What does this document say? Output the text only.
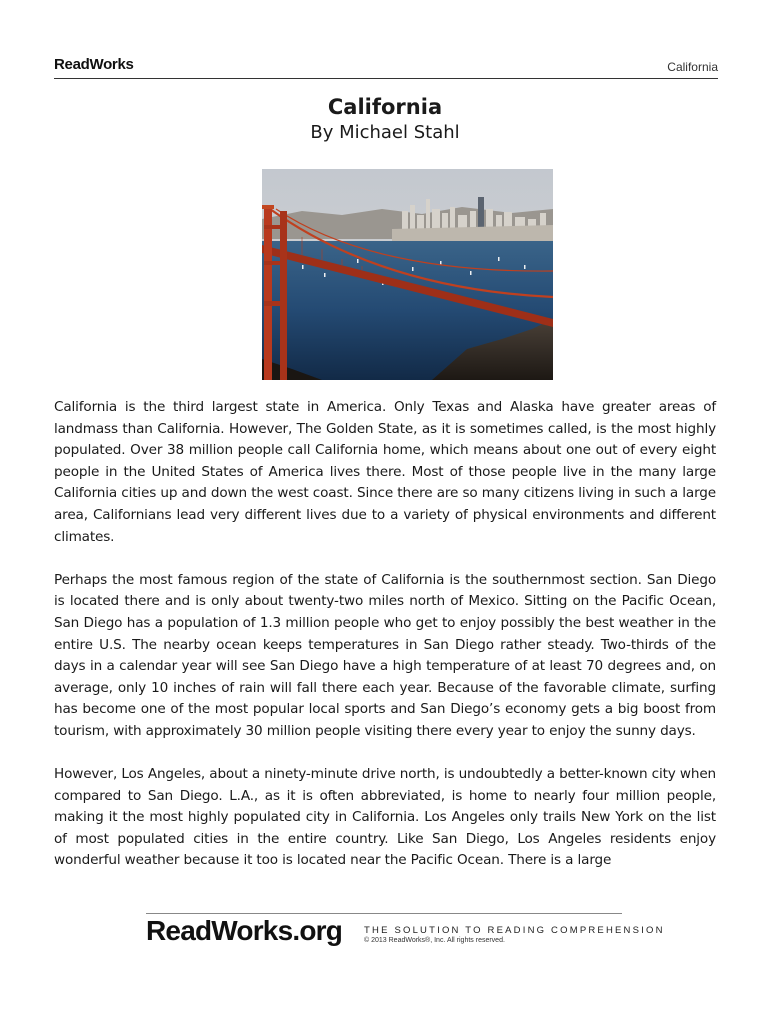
ReadWorks	California
California
By Michael Stahl

California is the third largest state in America. Only Texas and Alaska have greater areas of landmass than California. However, The Golden State, as it is sometimes called, is the most highly populated. Over 38 million people call California home, which means about one out of every eight people in the United States of America lives there. Most of those people live in the many large California cities up and down the west coast. Since there are so many citizens living in such a large area, Californians lead very different lives due to a variety of physical environments and different climates.

Perhaps the most famous region of the state of California is the southernmost section. San Diego is located there and is only about twenty-two miles north of Mexico. Sitting on the Pacific Ocean, San Diego has a population of 1.3 million people who get to enjoy possibly the best weather in the entire U.S. The nearby ocean keeps temperatures in San Diego rather steady. Two-thirds of the days in a calendar year will see San Diego have a high temperature of at least 70 degrees and, on average, only 10 inches of rain will fall there each year. Because of the favorable climate, surfing has become one of the most popular local sports and San Diego’s economy gets a big boost from tourism, with approximately 30 million people visiting there every year to enjoy the sunny days.

However, Los Angeles, about a ninety-minute drive north, is undoubtedly a better-known city when compared to San Diego. L.A., as it is often abbreviated, is home to nearly four million people, making it the most highly populated city in California. Los Angeles only trails New York on the list of most populated cities in the entire country. Like San Diego, Los Angeles residents enjoy wonderful weather because it too is located near the Pacific Ocean. There is a large

ReadWorks.org THE SOLUTION TO READING COMPREHENSION
© 2013 ReadWorks®, Inc. All rights reserved.
